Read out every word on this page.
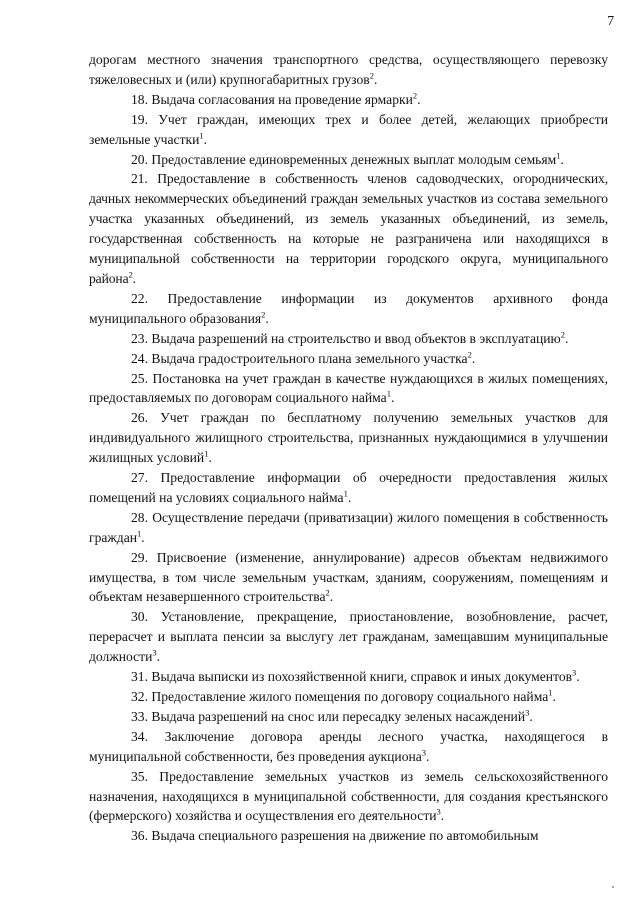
7

дорогам местного значения транспортного средства, осуществляющего перевозку тяжеловесных и (или) крупногабаритных грузов$^2$.

18. Выдача согласования на проведение ярмарки$^2$.

19. Учет граждан, имеющих трех и более детей, желающих приобрести земельные участки$^1$.

20. Предоставление единовременных денежных выплат молодым семьям$^1$.

21. Предоставление в собственность членов садоводческих, огороднических, дачных некоммерческих объединений граждан земельных участков из состава земельного участка указанных объединений, из земель указанных объединений, из земель, государственная собственность на которые не разграничена или находящихся в муниципальной собственности на территории городского округа, муниципального района$^2$.

22. Предоставление информации из документов архивного фонда муниципального образования$^2$.

23. Выдача разрешений на строительство и ввод объектов в эксплуатацию$^2$.

24. Выдача градостроительного плана земельного участка$^2$.

25. Постановка на учет граждан в качестве нуждающихся в жилых помещениях, предоставляемых по договорам социального найма$^1$.

26. Учет граждан по бесплатному получению земельных участков для индивидуального жилищного строительства, признанных нуждающимися в улучшении жилищных условий$^1$.

27. Предоставление информации об очередности предоставления жилых помещений на условиях социального найма$^1$.

28. Осуществление передачи (приватизации) жилого помещения в собственность граждан$^1$.

29. Присвоение (изменение, аннулирование) адресов объектам недвижимого имущества, в том числе земельным участкам, зданиям, сооружениям, помещениям и объектам незавершенного строительства$^2$.

30. Установление, прекращение, приостановление, возобновление, расчет, перерасчет и выплата пенсии за выслугу лет гражданам, замещавшим муниципальные должности$^3$.

31. Выдача выписки из похозяйственной книги, справок и иных документов$^3$.

32. Предоставление жилого помещения по договору социального найма$^1$.

33. Выдача разрешений на снос или пересадку зеленых насаждений$^3$.

34. Заключение договора аренды лесного участка, находящегося в муниципальной собственности, без проведения аукциона$^3$.

35. Предоставление земельных участков из земель сельскохозяйственного назначения, находящихся в муниципальной собственности, для создания крестьянского (фермерского) хозяйства и осуществления его деятельности$^3$.

36. Выдача специального разрешения на движение по автомобильным
